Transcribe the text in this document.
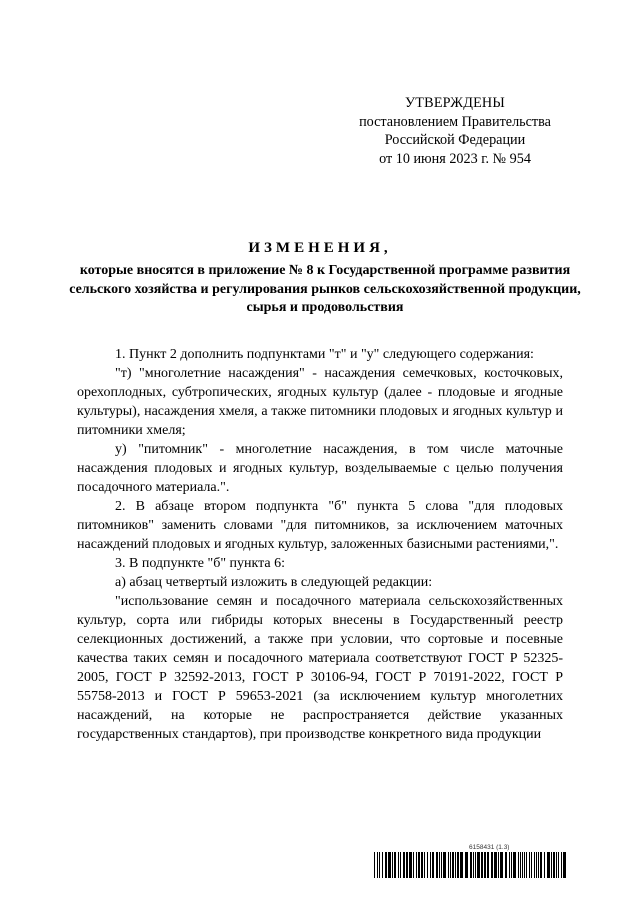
УТВЕРЖДЕНЫ
постановлением Правительства
Российской Федерации
от 10 июня 2023 г. № 954
ИЗМЕНЕНИЯ,
которые вносятся в приложение № 8 к Государственной программе развития сельского хозяйства и регулирования рынков сельскохозяйственной продукции, сырья и продовольствия

1. Пункт 2 дополнить подпунктами "т" и "у" следующего содержания:

"т) "многолетние насаждения" - насаждения семечковых, косточковых, орехоплодных, субтропических, ягодных культур (далее - плодовые и ягодные культуры), насаждения хмеля, а также питомники плодовых и ягодных культур и питомники хмеля;

у) "питомник" - многолетние насаждения, в том числе маточные насаждения плодовых и ягодных культур, возделываемые с целью получения посадочного материала.".

2. В абзаце втором подпункта "б" пункта 5 слова "для плодовых питомников" заменить словами "для питомников, за исключением маточных насаждений плодовых и ягодных культур, заложенных базисными растениями,".

3. В подпункте "б" пункта 6:

а) абзац четвертый изложить в следующей редакции:

"использование семян и посадочного материала сельскохозяйственных культур, сорта или гибриды которых внесены в Государственный реестр селекционных достижений, а также при условии, что сортовые и посевные качества таких семян и посадочного материала соответствуют ГОСТ Р 52325-2005, ГОСТ Р 32592-2013, ГОСТ Р 30106-94, ГОСТ Р 70191-2022, ГОСТ Р 55758-2013 и ГОСТ Р 59653-2021 (за исключением культур многолетних насаждений, на которые не распространяется действие указанных государственных стандартов), при производстве конкретного вида продукции

6158431 (1.3)
